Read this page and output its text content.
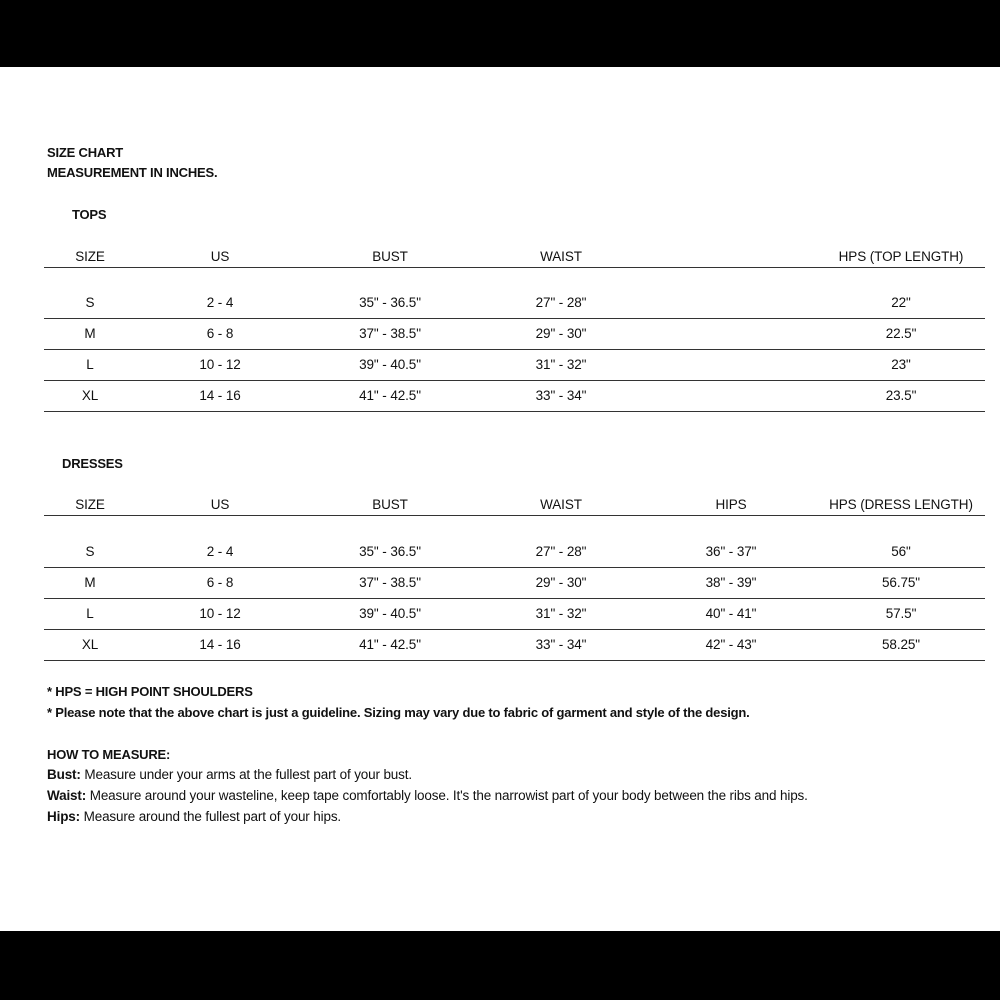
SIZE CHART
MEASUREMENT IN INCHES.
TOPS
SIZE	US	BUST	WAIST	HPS (TOP LENGTH)
S	2 - 4	35" - 36.5"	27" - 28"	22"
M	6 - 8	37" - 38.5"	29" - 30"	22.5"
L	10 - 12	39" - 40.5"	31" - 32"	23"
XL	14 - 16	41" - 42.5"	33" - 34"	23.5"
DRESSES
SIZE	US	BUST	WAIST	HIPS	HPS (DRESS LENGTH)
S	2 - 4	35" - 36.5"	27" - 28"	36" - 37"	56"
M	6 - 8	37" - 38.5"	29" - 30"	38" - 39"	56.75"
L	10 - 12	39" - 40.5"	31" - 32"	40" - 41"	57.5"
XL	14 - 16	41" - 42.5"	33" - 34"	42" - 43"	58.25"
* HPS = HIGH POINT SHOULDERS
* Please note that the above chart is just a guideline. Sizing may vary due to fabric of garment and style of the design.
HOW TO MEASURE:
Bust: Measure under your arms at the fullest part of your bust.
Waist: Measure around your wasteline, keep tape comfortably loose. It's the narrowist part of your body between the ribs and hips.
Hips: Measure around the fullest part of your hips.
